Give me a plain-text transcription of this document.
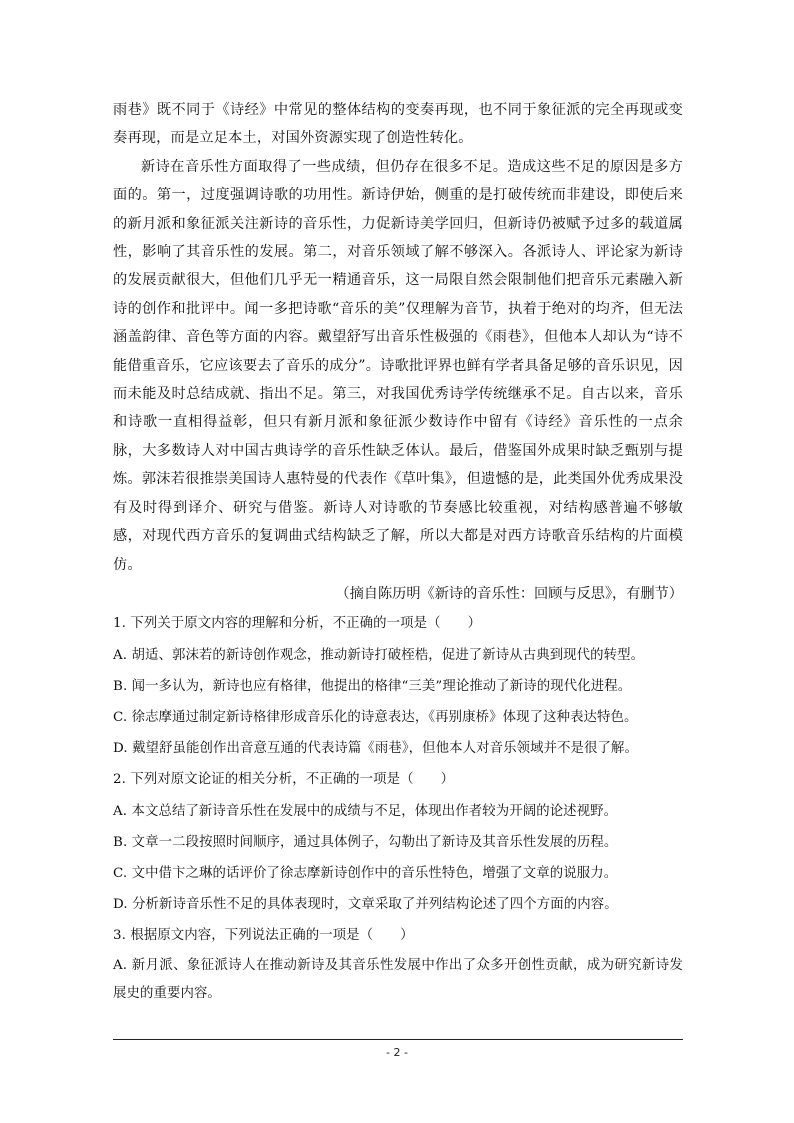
雨巷》既不同于《诗经》中常见的整体结构的变奏再现，也不同于象征派的完全再现或变奏再现，而是立足本土，对国外资源实现了创造性转化。

新诗在音乐性方面取得了一些成绩，但仍存在很多不足。造成这些不足的原因是多方面的。第一，过度强调诗歌的功用性。新诗伊始，侧重的是打破传统而非建设，即使后来的新月派和象征派关注新诗的音乐性，力促新诗美学回归，但新诗仍被赋予过多的载道属性，影响了其音乐性的发展。第二，对音乐领域了解不够深入。各派诗人、评论家为新诗的发展贡献很大，但他们几乎无一精通音乐，这一局限自然会限制他们把音乐元素融入新诗的创作和批评中。闻一多把诗歌“音乐的美”仅理解为音节，执着于绝对的均齐，但无法涵盖韵律、音色等方面的内容。戴望舒写出音乐性极强的《雨巷》，但他本人却认为“诗不能借重音乐，它应该要去了音乐的成分”。诗歌批评界也鲜有学者具备足够的音乐识见，因而未能及时总结成就、指出不足。第三，对我国优秀诗学传统继承不足。自古以来，音乐和诗歌一直相得益彰，但只有新月派和象征派少数诗作中留有《诗经》音乐性的一点余脉，大多数诗人对中国古典诗学的音乐性缺乏体认。最后，借鉴国外成果时缺乏甄别与提炼。郭沫若很推崇美国诗人惠特曼的代表作《草叶集》，但遗憾的是，此类国外优秀成果没有及时得到译介、研究与借鉴。新诗人对诗歌的节奏感比较重视，对结构感普遍不够敏感，对现代西方音乐的复调曲式结构缺乏了解，所以大都是对西方诗歌音乐结构的片面模仿。

（摘自陈历明《新诗的音乐性：回顾与反思》，有删节）

1. 下列关于原文内容的理解和分析，不正确的一项是（　　）

A. 胡适、郭沫若的新诗创作观念，推动新诗打破桎梏，促进了新诗从古典到现代的转型。

B. 闻一多认为，新诗也应有格律，他提出的格律“三美”理论推动了新诗的现代化进程。

C. 徐志摩通过制定新诗格律形成音乐化的诗意表达，《再别康桥》体现了这种表达特色。

D. 戴望舒虽能创作出音意互通的代表诗篇《雨巷》，但他本人对音乐领域并不是很了解。

2. 下列对原文论证的相关分析，不正确的一项是（　　）

A. 本文总结了新诗音乐性在发展中的成绩与不足，体现出作者较为开阔的论述视野。

B. 文章一二段按照时间顺序，通过具体例子，勾勒出了新诗及其音乐性发展的历程。

C. 文中借卞之琳的话评价了徐志摩新诗创作中的音乐性特色，增强了文章的说服力。

D. 分析新诗音乐性不足的具体表现时，文章采取了并列结构论述了四个方面的内容。

3. 根据原文内容，下列说法正确的一项是（　　）

A. 新月派、象征派诗人在推动新诗及其音乐性发展中作出了众多开创性贡献，成为研究新诗发展史的重要内容。

- 2 -
